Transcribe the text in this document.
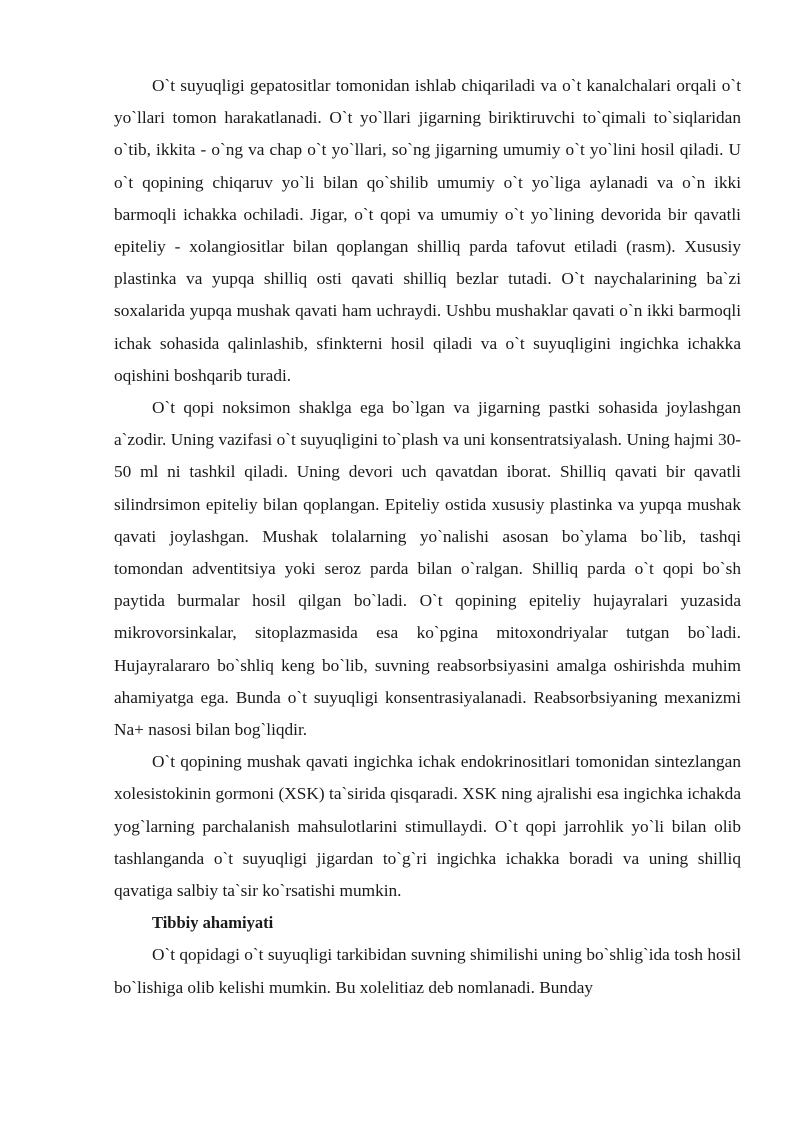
O`t suyuqligi gepatositlar tomonidan ishlab chiqariladi va o`t kanalchalari orqali o`t yo`llari tomon harakatlanadi. O`t yo`llari jigarning biriktiruvchi to`qimali to`siqlaridan o`tib, ikkita - o`ng va chap o`t yo`llari, so`ng jigarning umumiy o`t yo`lini hosil qiladi. U o`t qopining chiqaruv yo`li bilan qo`shilib umumiy o`t yo`liga aylanadi va o`n ikki barmoqli ichakka ochiladi. Jigar, o`t qopi va umumiy o`t yo`lining devorida bir qavatli epiteliy - xolangiositlar bilan qoplangan shilliq parda tafovut etiladi (rasm). Xususiy plastinka va yupqa shilliq osti qavati shilliq bezlar tutadi. O`t naychalarining ba`zi soxalarida yupqa mushak qavati ham uchraydi. Ushbu mushaklar qavati o`n ikki barmoqli ichak sohasida qalinlashib, sfinkterni hosil qiladi va o`t suyuqligini ingichka ichakka oqishini boshqarib turadi.

O`t qopi noksimon shaklga ega bo`lgan va jigarning pastki sohasida joylashgan a`zodir. Uning vazifasi o`t suyuqligini to`plash va uni konsentratsiyalash. Uning hajmi 30-50 ml ni tashkil qiladi. Uning devori uch qavatdan iborat. Shilliq qavati bir qavatli silindrsimon epiteliy bilan qoplangan. Epiteliy ostida xususiy plastinka va yupqa mushak qavati joylashgan. Mushak tolalarning yo`nalishi asosan bo`ylama bo`lib, tashqi tomondan adventitsiya yoki seroz parda bilan o`ralgan. Shilliq parda o`t qopi bo`sh paytida burmalar hosil qilgan bo`ladi. O`t qopining epiteliy hujayralari yuzasida mikrovorsinkalar, sitoplazmasida esa ko`pgina mitoxondriyalar tutgan bo`ladi. Hujayralararo bo`shliq keng bo`lib, suvning reabsorbsiyasini amalga oshirishda muhim ahamiyatga ega. Bunda o`t suyuqligi konsentrasiyalanadi. Reabsorbsiyaning mexanizmi Na+ nasosi bilan bog`liqdir.

O`t qopining mushak qavati ingichka ichak endokrinositlari tomonidan sintezlangan xolesistokinin gormoni (XSK) ta`sirida qisqaradi. XSK ning ajralishi esa ingichka ichakda yog`larning parchalanish mahsulotlarini stimullaydi. O`t qopi jarrohlik yo`li bilan olib tashlanganda o`t suyuqligi jigardan to`g`ri ingichka ichakka boradi va uning shilliq qavatiga salbiy ta`sir ko`rsatishi mumkin.

Tibbiy ahamiyati

O`t qopidagi o`t suyuqligi tarkibidan suvning shimilishi uning bo`shlig`ida tosh hosil bo`lishiga olib kelishi mumkin. Bu xolelitiaz deb nomlanadi. Bunday
